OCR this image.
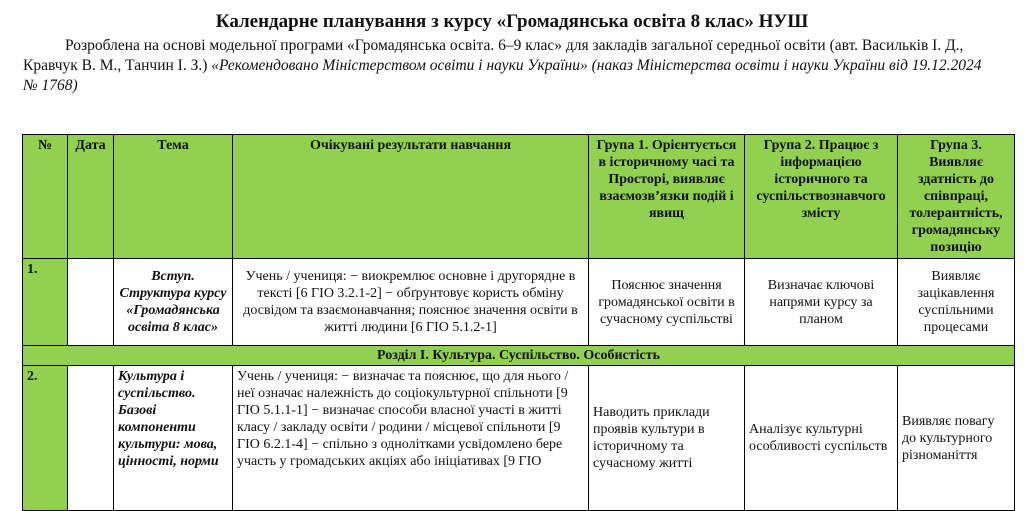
Календарне планування з курсу «Громадянська освіта 8 клас» НУШ
Розроблена на основі модельної програми «Громадянська освіта. 6–9 клас» для закладів загальної середньої освіти (авт. Васильків І. Д., Кравчук В. М., Танчин І. З.) «Рекомендовано Міністерством освіти і науки України» (наказ Міністерства освіти і науки України від 19.12.2024 № 1768)
№	Дата	Тема	Очікувані результати навчання	Група 1. Орієнтується в історичному часі та Просторі, виявляє взаємозв’язки подій і явищ	Група 2. Працює з інформацією історичного та суспільствознавчого змісту	Група 3. Виявляє здатність до співпраці, толерантність, громадянську позицію
1.		Вступ. Структура курсу «Громадянська освіта 8 клас»	Учень / учениця: − виокремлює основне і другорядне в тексті [6 ГІО 3.2.1-2] − обґрунтовує користь обміну досвідом та взаємонавчання; пояснює значення освіти в житті людини [6 ГІО 5.1.2-1]	Пояснює значення громадянської освіти в сучасному суспільстві	Визначає ключові напрями курсу за планом	Виявляє зацікавлення суспільними процесами
Розділ І. Культура. Суспільство. Особистість						
2.		Культура і суспільство. Базові компоненти культури: мова, цінності, норми	Учень / учениця: − визначає та пояснює, що для нього / неї означає належність до соціокультурної спільноти [9 ГІО 5.1.1-1] − визначає способи власної участі в житті класу / закладу освіти / родини / місцевої спільноти [9 ГІО 6.2.1-4] − спільно з однолітками усвідомлено бере участь у громадських акціях або ініціативах [9 ГІО	Наводить приклади проявів культури в історичному та сучасному житті	Аналізує культурні особливості суспільств	Виявляє повагу до культурного різноманіття
